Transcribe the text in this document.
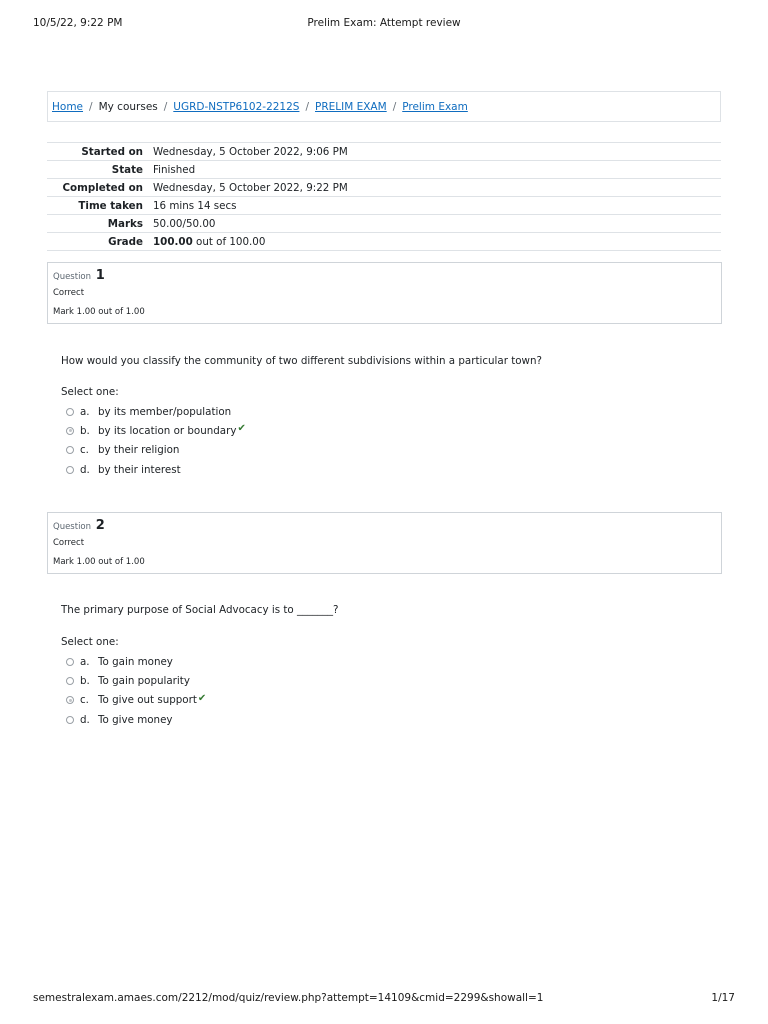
10/5/22, 9:22 PM	Prelim Exam: Attempt review
Home / My courses / UGRD-NSTP6102-2212S / PRELIM EXAM / Prelim Exam
Started on	Wednesday, 5 October 2022, 9:06 PM
State	Finished
Completed on	Wednesday, 5 October 2022, 9:22 PM
Time taken	16 mins 14 secs
Marks	50.00/50.00
Grade	100.00 out of 100.00
Question 1
Correct
Mark 1.00 out of 1.00
How would you classify the community of two different subdivisions within a particular town?
Select one:
a. by its member/population
b. by its location or boundary ✔
c. by their religion
d. by their interest
Question 2
Correct
Mark 1.00 out of 1.00
The primary purpose of Social Advocacy is to _______?
Select one:
a. To gain money
b. To gain popularity
c. To give out support ✔
d. To give money
semestralexam.amaes.com/2212/mod/quiz/review.php?attempt=14109&cmid=2299&showall=1	1/17
